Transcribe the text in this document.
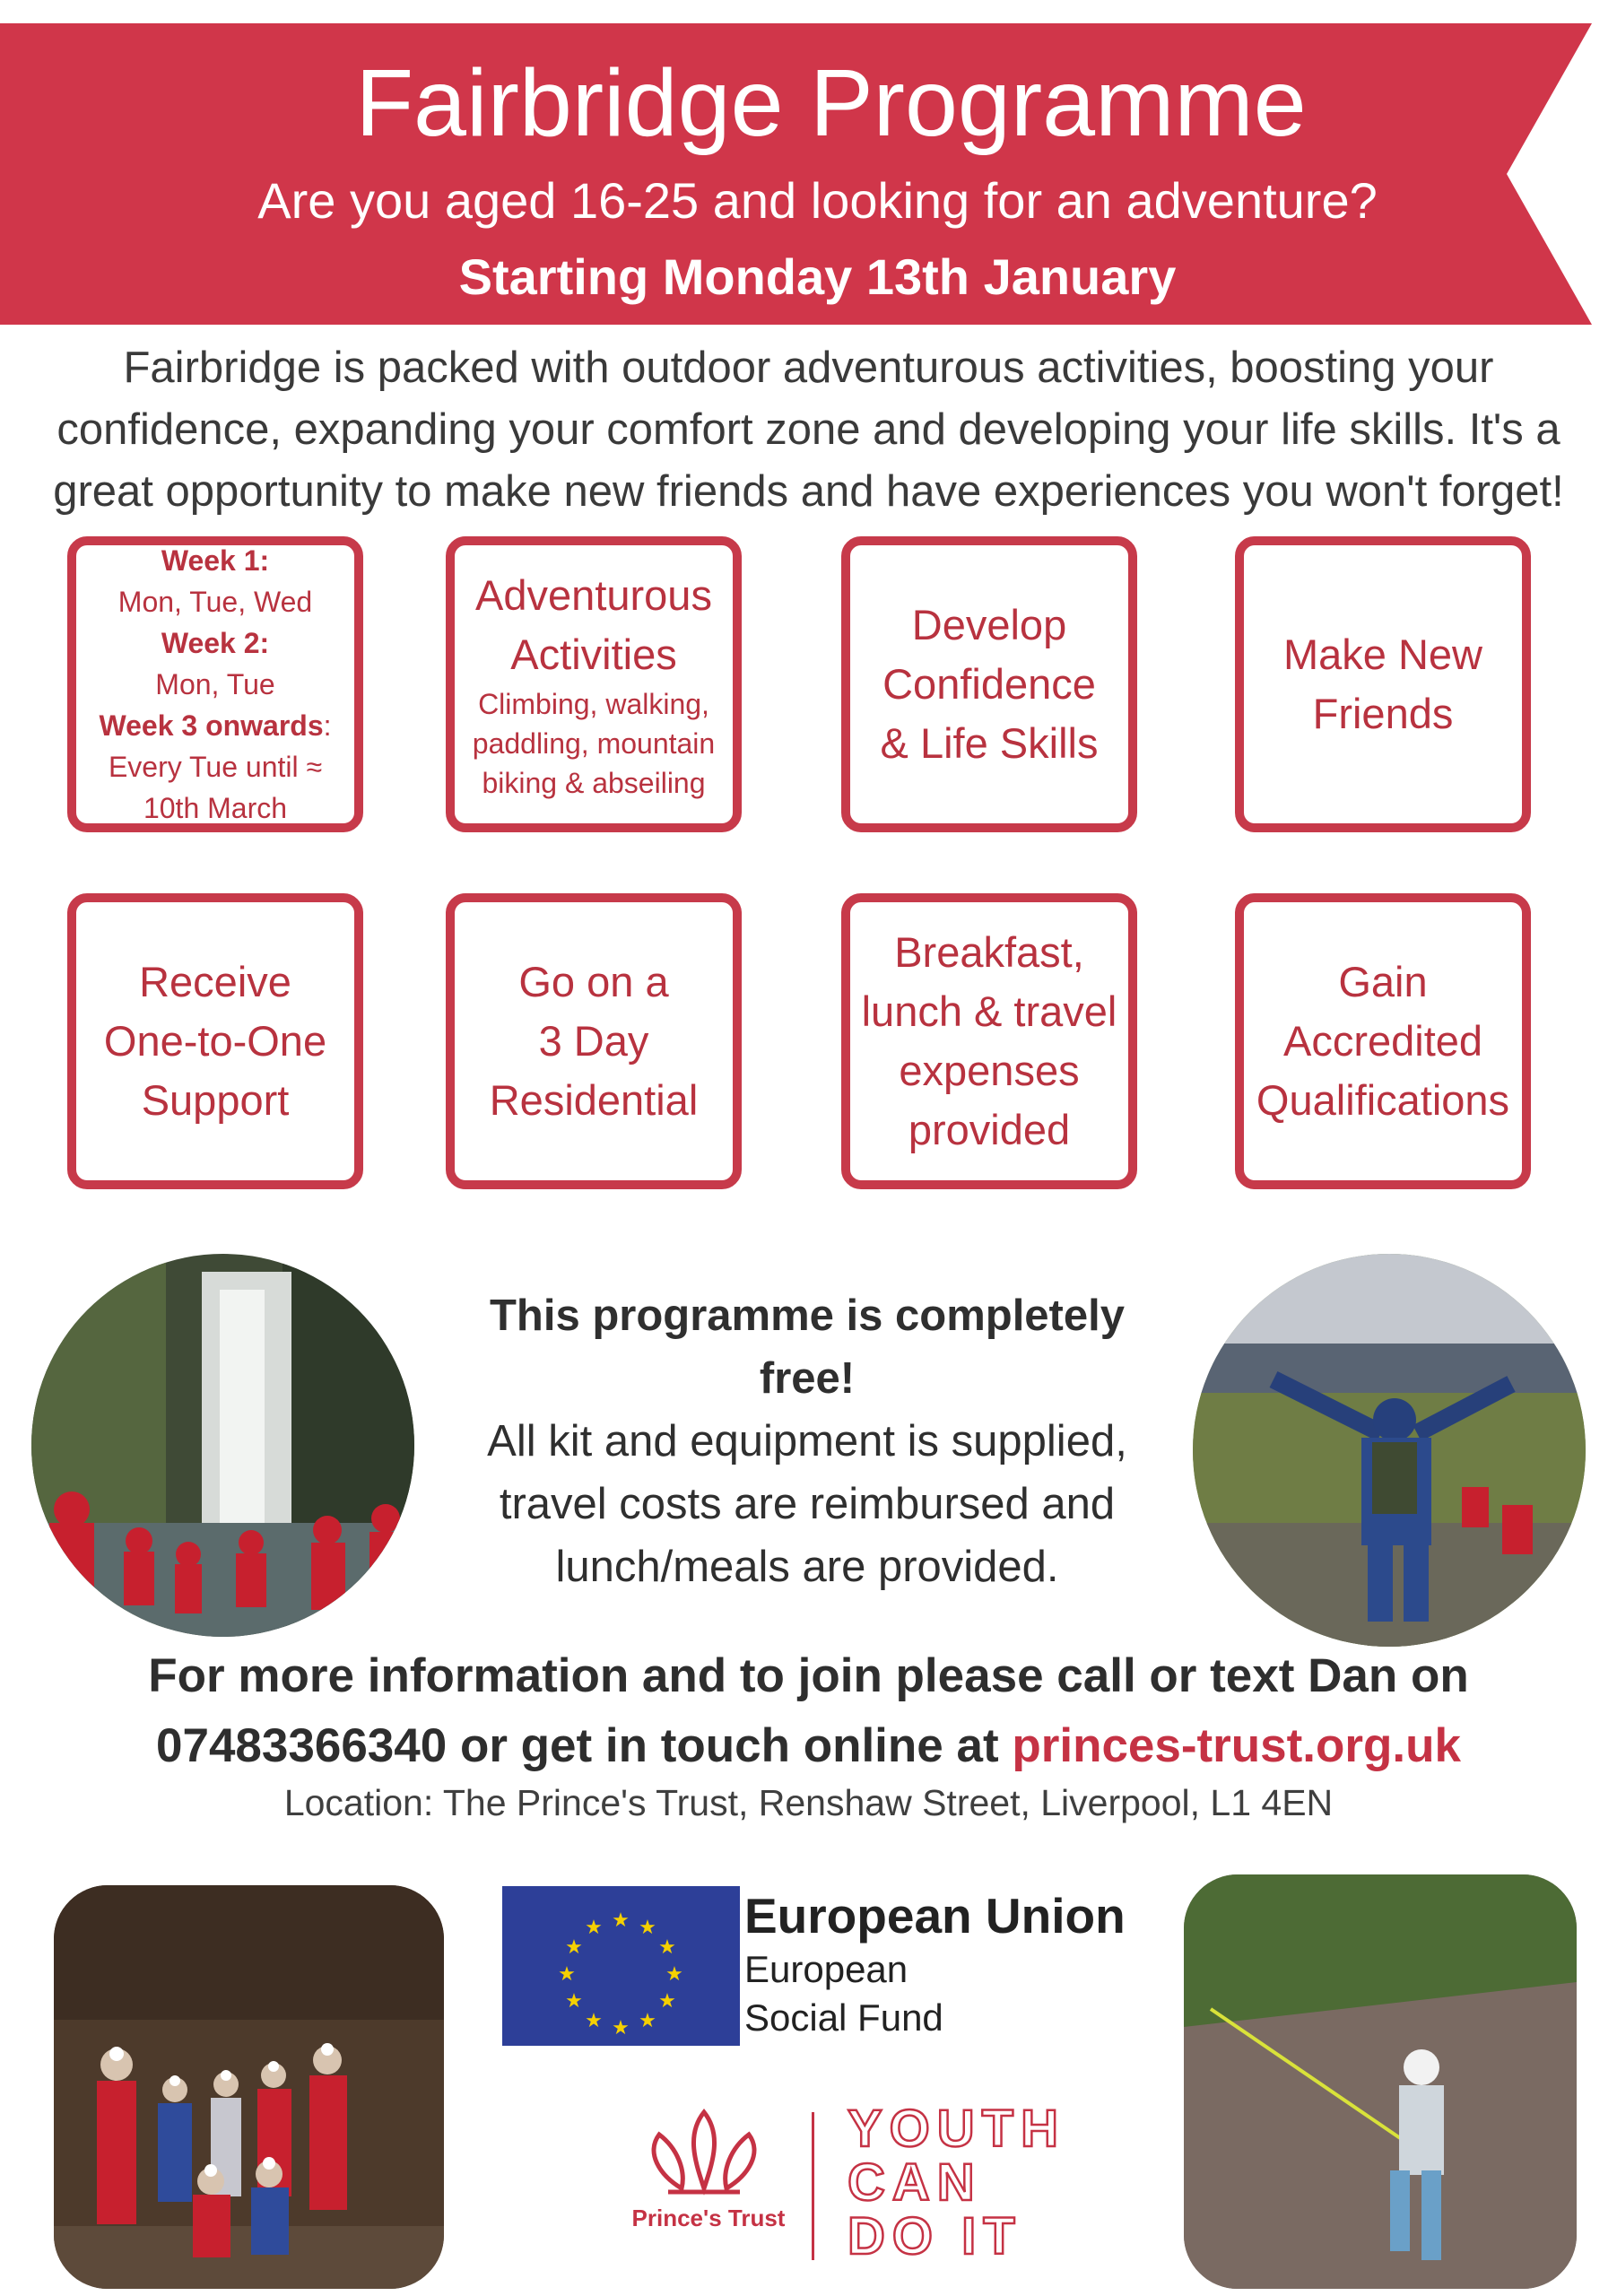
Fairbridge Programme
Are you aged 16-25 and looking for an adventure?
Starting Monday 13th January
Fairbridge is packed with outdoor adventurous activities, boosting your confidence, expanding your comfort zone and developing your life skills. It's a great opportunity to make new friends and have experiences you won't forget!
Week 1:
Mon, Tue, Wed
Week 2:
Mon, Tue
Week 3 onwards:
Every Tue until ≈
10th March
Adventurous
Activities
Climbing, walking,
paddling, mountain
biking & abseiling
Develop
Confidence
& Life Skills
Make New
Friends
Receive
One-to-One
Support
Go on a
3 Day
Residential
Breakfast,
lunch & travel
expenses
provided
Gain
Accredited
Qualifications
This programme is completely
free!
All kit and equipment is supplied,
travel costs are reimbursed and
lunch/meals are provided.
For more information and to join please call or text Dan on
07483366340 or get in touch online at princes-trust.org.uk
Location: The Prince's Trust, Renshaw Street, Liverpool, L1 4EN
★ ★
★
★
★
★
★
★
★
★
★
★	European Union
European
Social Fund
Prince's Trust
YOUTH
CAN
DO IT
